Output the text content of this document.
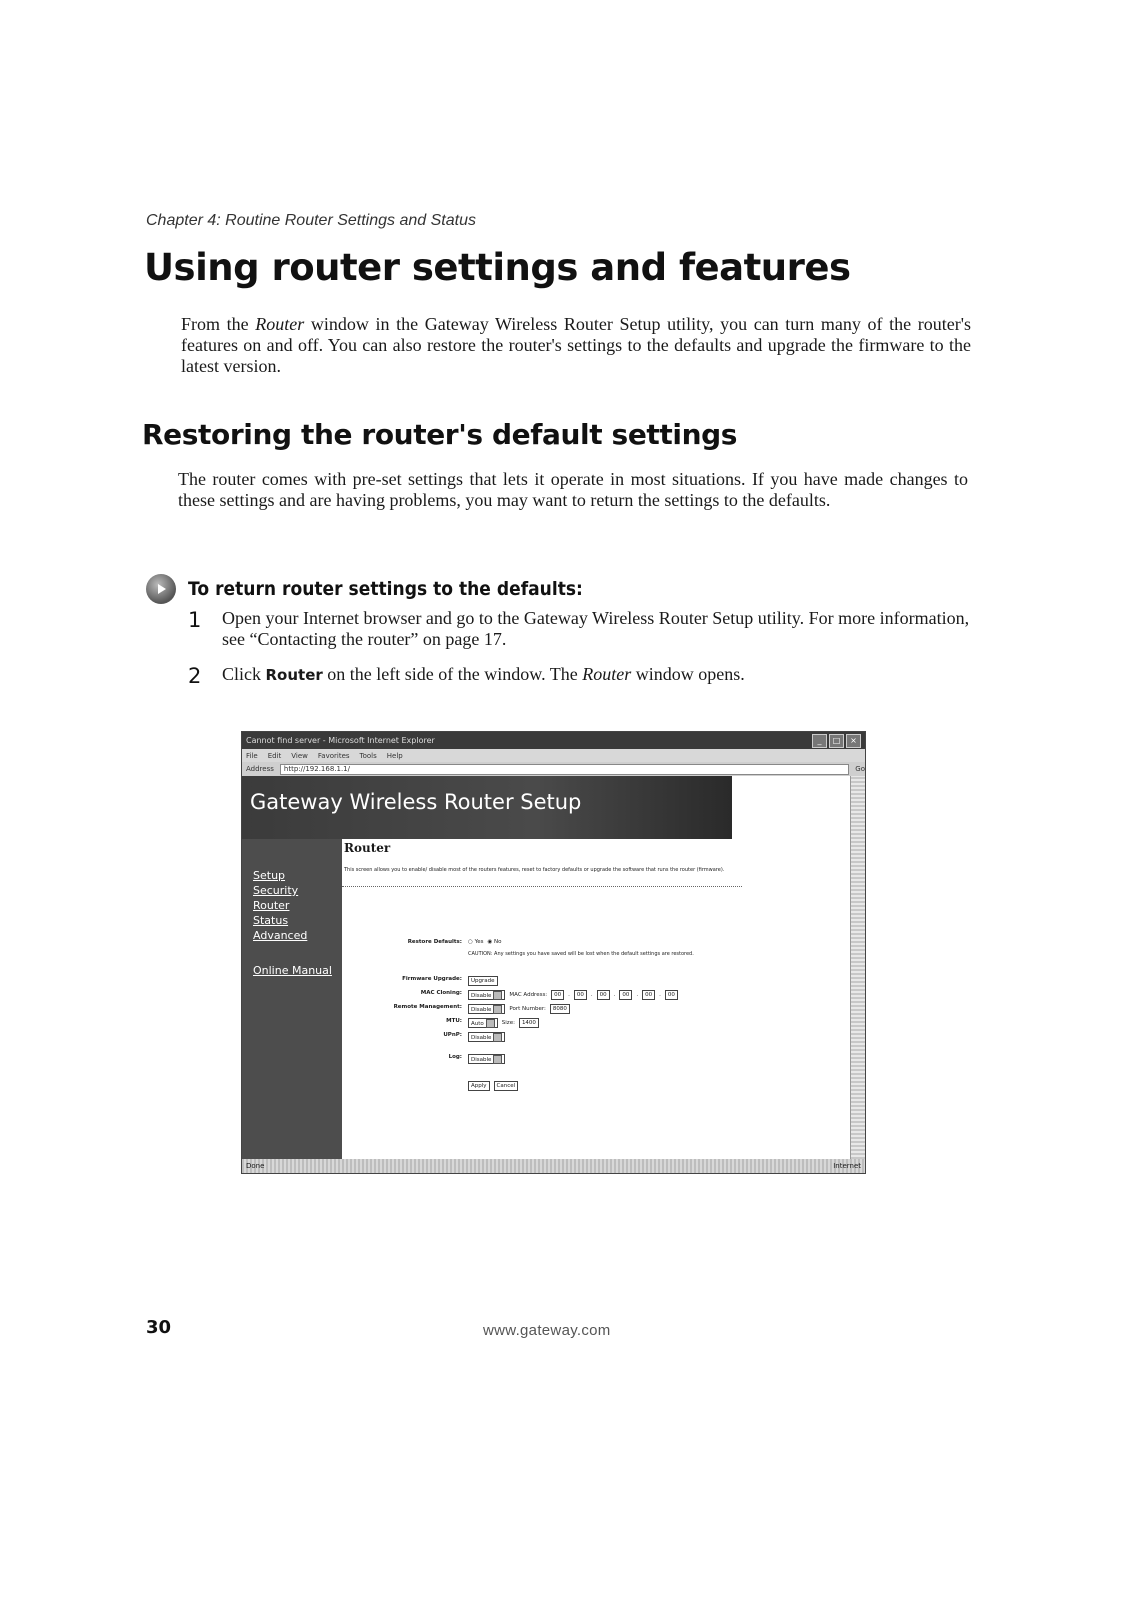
Chapter 4: Routine Router Settings and Status
Using router settings and features
From the Router window in the Gateway Wireless Router Setup utility, you can turn many of the router's features on and off. You can also restore the router's settings to the defaults and upgrade the firmware to the latest version.
Restoring the router's default settings
The router comes with pre-set settings that lets it operate in most situations. If you have made changes to these settings and are having problems, you may want to return the settings to the defaults.
To return router settings to the defaults:
1	Open your Internet browser and go to the Gateway Wireless Router Setup utility. For more information, see “Contacting the router” on page 17.
2	Click Router on the left side of the window. The Router window opens.
Cannot find server - Microsoft Internet Explorer	_	□	×
File Edit View Favorites Tools Help
Address	http://192.168.1.1/	Go
Gateway Wireless Router Setup
Setup
Security
Router
Status
Advanced
Online Manual
Router
This screen allows you to enable/ disable most of the routers features, reset to factory defaults or upgrade the software that runs the router (firmware).
Restore Defaults: ○ Yes ◉ No
CAUTION: Any settings you have saved will be lost when the default settings are restored.
Firmware Upgrade:	Upgrade
MAC Cloning:	Disable	MAC Address:	00	.	00	.	00	.	00	.	00	.	00
Remote Management:	Disable	Port Number:	8080
MTU:	Auto	Size:	1400
UPnP:	Disable
Log:	Disable
Apply	Cancel
Done	Internet
30	www.gateway.com
